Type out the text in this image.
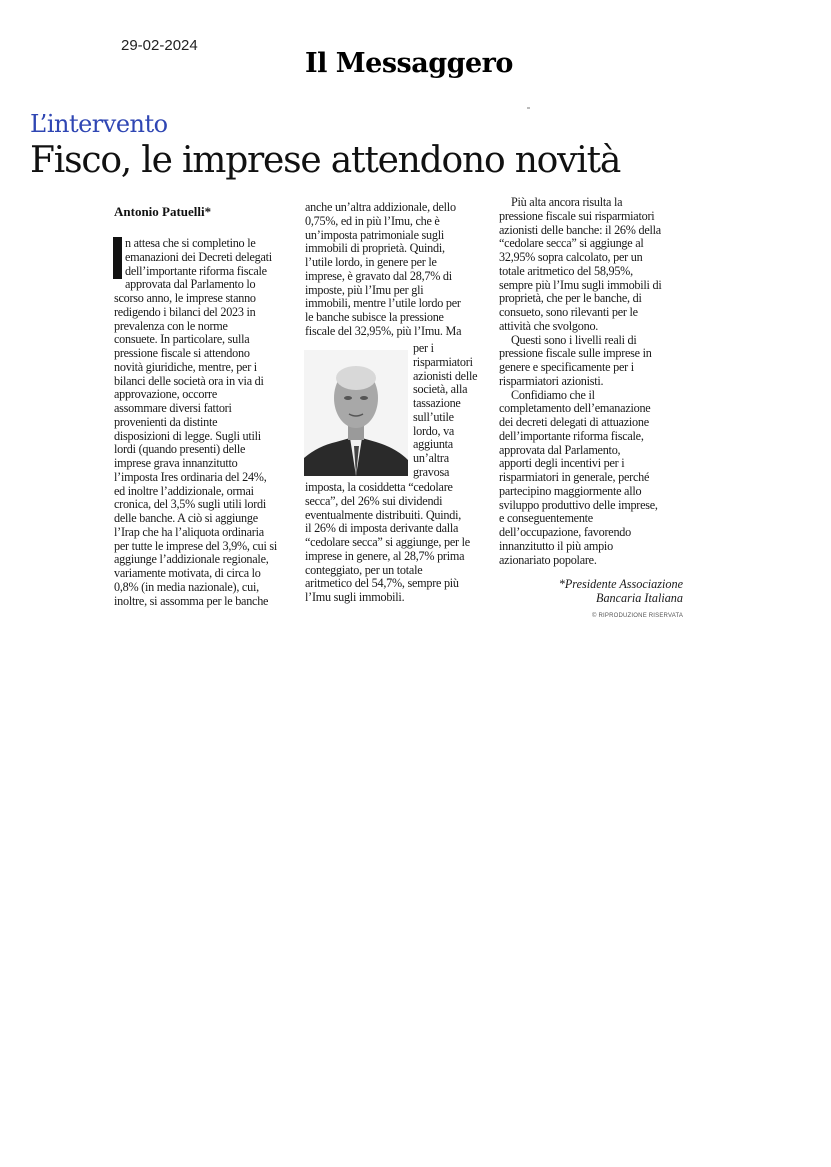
29-02-2024
Il Messaggero
L’intervento
Fisco, le imprese attendono novità
Antonio Patuelli*
n attesa che si completino le
emanazioni dei Decreti delegati
dell’importante riforma fiscale
approvata dal Parlamento lo
scorso anno, le imprese stanno
redigendo i bilanci del 2023 in
prevalenza con le norme
consuete. In particolare, sulla
pressione fiscale si attendono
novità giuridiche, mentre, per i
bilanci delle società ora in via di
approvazione, occorre
assommare diversi fattori
provenienti da distinte
disposizioni di legge. Sugli utili
lordi (quando presenti) delle
imprese grava innanzitutto
l’imposta Ires ordinaria del 24%,
ed inoltre l’addizionale, ormai
cronica, del 3,5% sugli utili lordi
delle banche. A ciò si aggiunge
l’Irap che ha l’aliquota ordinaria
per tutte le imprese del 3,9%, cui si
aggiunge l’addizionale regionale,
variamente motivata, di circa lo
0,8% (in media nazionale), cui,
inoltre, si assomma per le banche
anche un’altra addizionale, dello
0,75%, ed in più l’Imu, che è
un’imposta patrimoniale sugli
immobili di proprietà. Quindi,
l’utile lordo, in genere per le
imprese, è gravato dal 28,7% di
imposte, più l’Imu per gli
immobili, mentre l’utile lordo per
le banche subisce la pressione
fiscale del 32,95%, più l’Imu. Ma
per i
risparmiatori
azionisti delle
società, alla
tassazione
sull’utile
lordo, va
aggiunta
un’altra
gravosa
imposta, la cosiddetta “cedolare
secca”, del 26% sui dividendi
eventualmente distribuiti. Quindi,
il 26% di imposta derivante dalla
“cedolare secca” si aggiunge, per le
imprese in genere, al 28,7% prima
conteggiato, per un totale
aritmetico del 54,7%, sempre più
l’Imu sugli immobili.
Più alta ancora risulta la
pressione fiscale sui risparmiatori
azionisti delle banche: il 26% della
“cedolare secca” si aggiunge al
32,95% sopra calcolato, per un
totale aritmetico del 58,95%,
sempre più l’Imu sugli immobili di
proprietà, che per le banche, di
consueto, sono rilevanti per le
attività che svolgono.
Questi sono i livelli reali di
pressione fiscale sulle imprese in
genere e specificamente per i
risparmiatori azionisti.
Confidiamo che il
completamento dell’emanazione
dei decreti delegati di attuazione
dell’importante riforma fiscale,
approvata dal Parlamento,
apporti degli incentivi per i
risparmiatori in generale, perché
partecipino maggiormente allo
sviluppo produttivo delle imprese,
e conseguentemente
dell’occupazione, favorendo
innanzitutto il più ampio
azionariato popolare.
*Presidente Associazione
Bancaria Italiana
© RIPRODUZIONE RISERVATA
